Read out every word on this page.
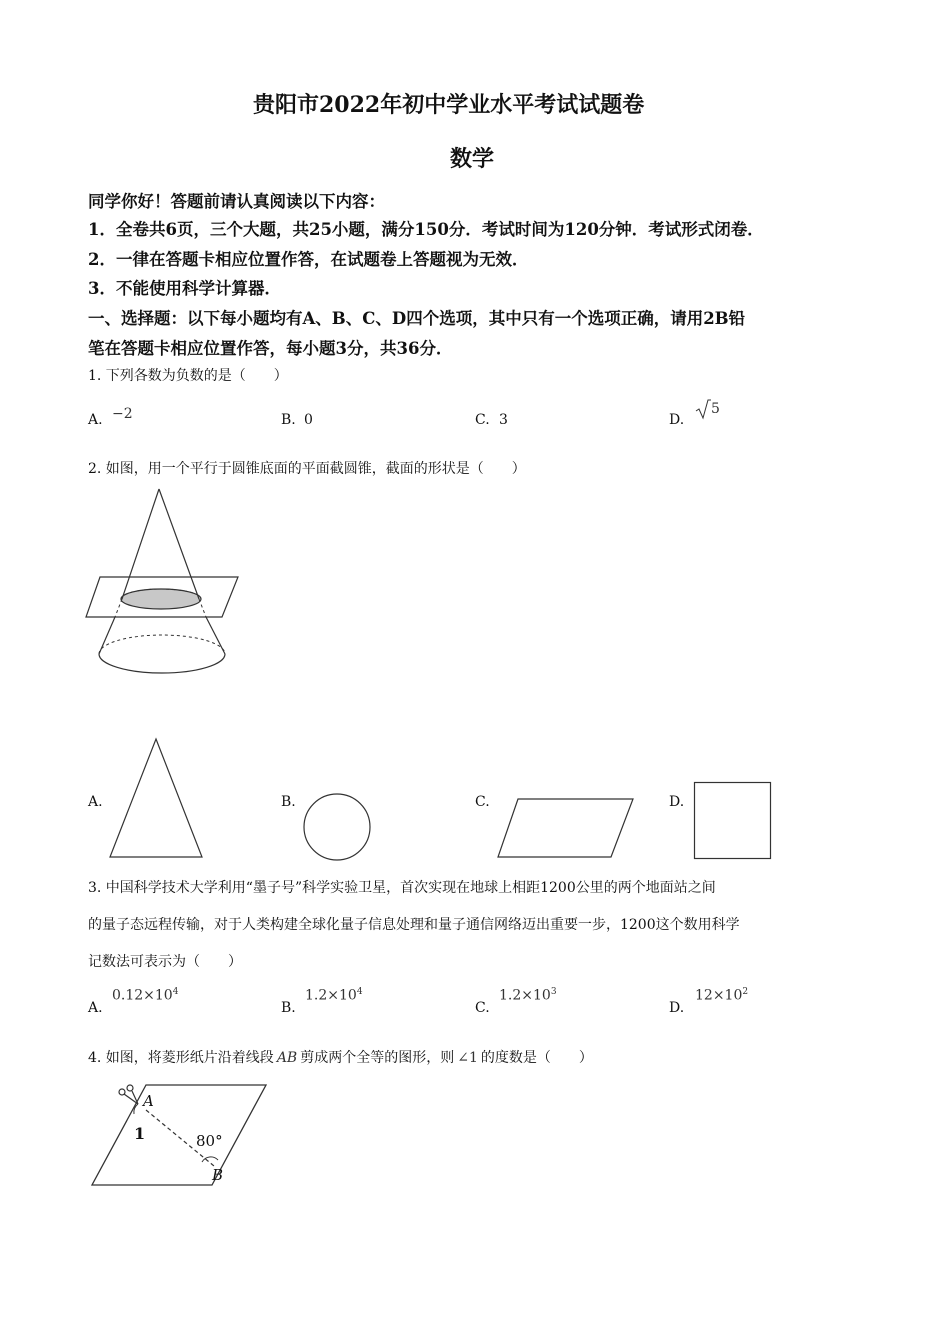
贵阳市2022年初中学业水平考试试题卷
数学
同学你好！答题前请认真阅读以下内容：
1．全卷共6页，三个大题，共25小题，满分150分．考试时间为120分钟．考试形式闭卷．
2．一律在答题卡相应位置作答，在试题卷上答题视为无效．
3．不能使用科学计算器．
一、选择题：以下每小题均有A、B、C、D四个选项，其中只有一个选项正确，请用2B铅
笔在答题卡相应位置作答，每小题3分，共36分．
1. 下列各数为负数的是（　　）
A. −2	B. 0	C. 3	D.
5
2. 如图，用一个平行于圆锥底面的平面截圆锥，截面的形状是（　　）
A.	B.	C.	D.
3. 中国科学技术大学利用“墨子号”科学实验卫星，首次实现在地球上相距1200公里的两个地面站之间
的量子态远程传输，对于人类构建全球化量子信息处理和量子通信网络迈出重要一步，1200这个数用科学
记数法可表示为（　　）
A.
$0.12\times 10^4$
B.
$1.2\times 10^4$
C.
$1.2\times 10^3$
D.
$12\times 10^2$
4. 如图，将菱形纸片沿着线段 AB 剪成两个全等的图形，则 ∠1 的度数是（　　）
A
1	80°
B
